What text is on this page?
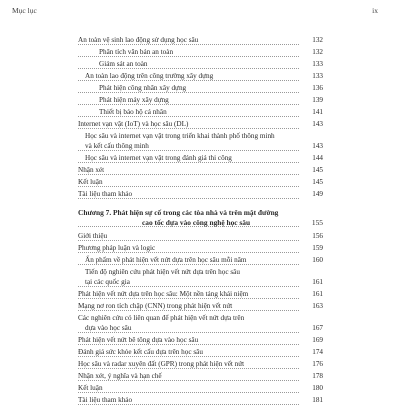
Mục lục	ix
An toàn vệ sinh lao động sử dụng học sâu	132
Phân tích văn bản an toàn	132
Giám sát an toàn	133
An toàn lao động trên công trường xây dựng	133
Phát hiện công nhân xây dựng	136
Phát hiện máy xây dựng	139
Thiết bị bảo hộ cá nhân	141
Internet vạn vật (IoT) và học sâu (DL)	143
Học sâu và internet vạn vật trong triển khai thành phố thông minh
và kết cấu thông minh	143
Học sâu và internet vạn vật trong đánh giá thi công	144
Nhận xét	145
Kết luận	145
Tài liệu tham khảo	149
Chương 7. Phát hiện sự cố trong các tòa nhà và trên mặt đường
cao tốc dựa vào công nghệ học sâu	155
Giới thiệu	156
Phương pháp luận và logic	159
Ấn phẩm về phát hiện vết nứt dựa trên học sâu mỗi năm	160
Tiến độ nghiên cứu phát hiện vết nứt dựa trên học sâu
tại các quốc gia	161
Phát hiện vết nứt dựa trên học sâu: Một nền tảng khái niệm	161
Mạng nơ ron tích chập (CNN) trong phát hiện vết nứt	163
Các nghiên cứu có liên quan để phát hiện vết nứt dựa trên
dựa vào học sâu	167
Phát hiện vết nứt bê tông dựa vào học sâu	169
Đánh giá sức khỏe kết cấu dựa trên học sâu	174
Học sâu và radar xuyên đất (GPR) trong phát hiện vết nứt	176
Nhận xét, ý nghĩa và hạn chế	178
Kết luận	180
Tài liệu tham khảo	181
